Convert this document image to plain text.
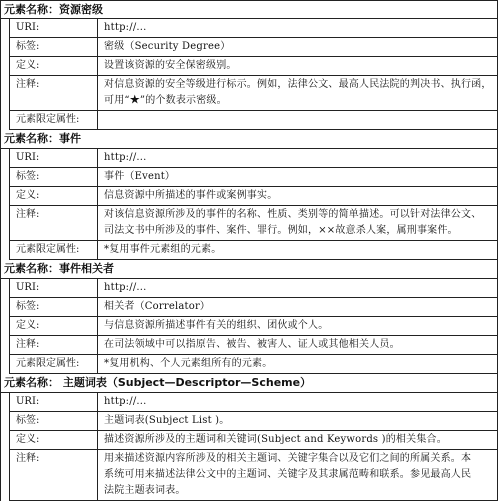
元素名称：资源密级
URI:	http://...
标签:	密级（Security Degree）
定义:	设置该资源的安全保密级别。
注释:	对信息资源的安全等级进行标示。例如，法律公文、最高人民法院的判决书、执行函，
可用“★”的个数表示密级。
元素限定属性:
元素名称：事件
URI:	http://...
标签:	事件（Event）
定义:	信息资源中所描述的事件或案例事实。
注释:	对该信息资源所涉及的事件的名称、性质、类别等的简单描述。可以针对法律公文、
司法文书中所涉及的事件、案件、罪行。例如，××故意杀人案，属刑事案件。
元素限定属性:	*复用事件元素组的元素。
元素名称：事件相关者
URI:	http://...
标签:	相关者（Correlator）
定义:	与信息资源所描述事件有关的组织、团伙或个人。
注释:	在司法领域中可以指原告、被告、被害人、证人或其他相关人员。
元素限定属性:	*复用机构、个人元素组所有的元素。
元素名称： 主题词表（Subject—Descriptor—Scheme）
URI:	http://...
标签:	主题词表(Subject List )。
定义:	描述资源所涉及的主题词和关键词(Subject and Keywords )的相关集合。
注释:	用来描述资源内容所涉及的相关主题词、关键字集合以及它们之间的所属关系。本
系统可用来描述法律公文中的主题词、关键字及其隶属范畴和联系。参见最高人民
法院主题表词表。
